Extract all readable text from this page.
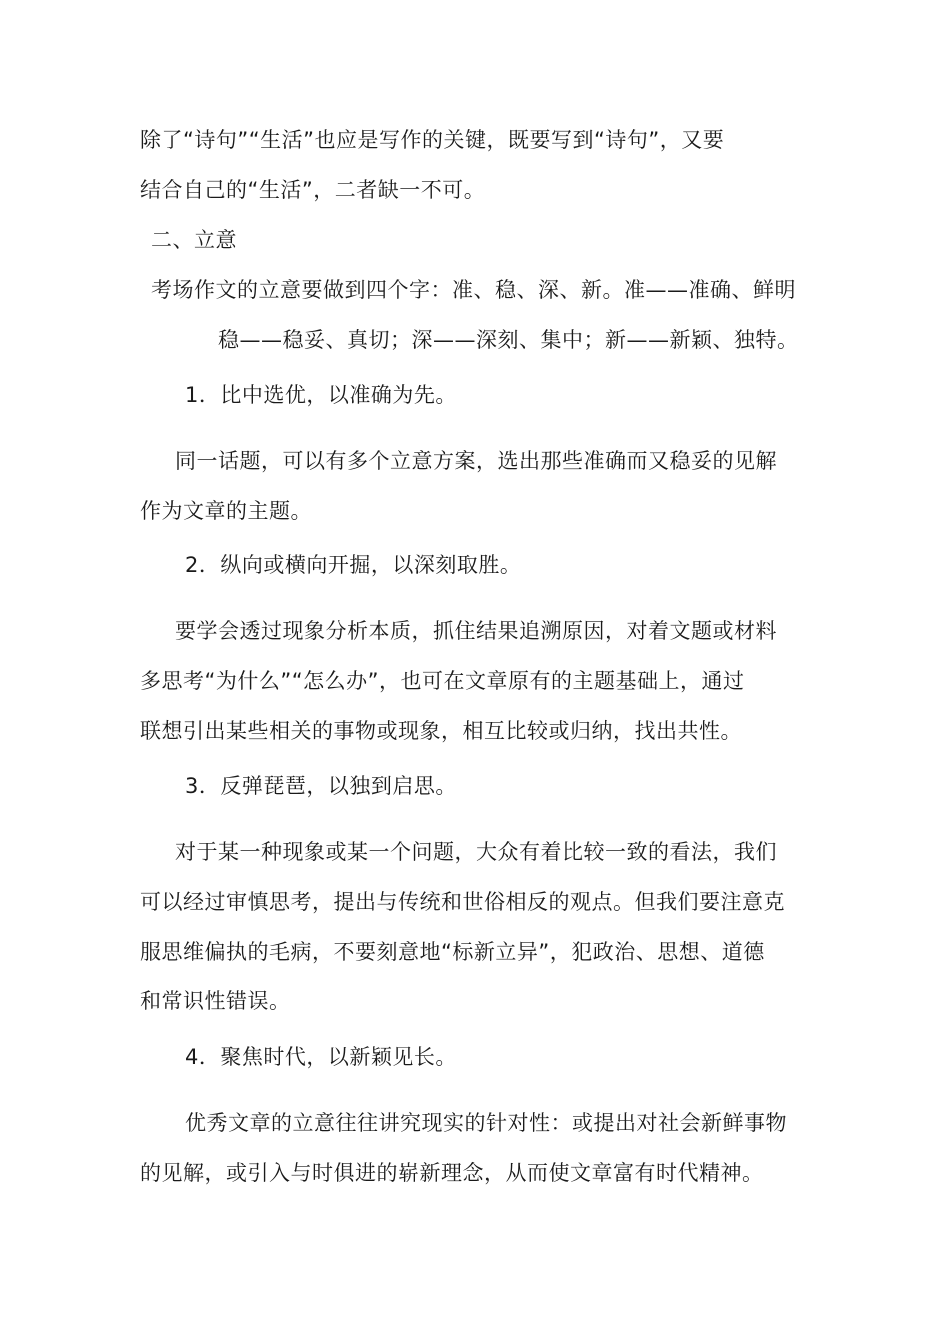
除了“诗句”“生活”也应是写作的关键，既要写到“诗句”，又要
结合自己的“生活”，二者缺一不可。
二、立意
考场作文的立意要做到四个字：准、稳、深、新。准——准确、鲜明
稳——稳妥、真切；深——深刻、集中；新——新颖、独特。
1．比中选优，以准确为先。
同一话题，可以有多个立意方案，选出那些准确而又稳妥的见解
作为文章的主题。
2．纵向或横向开掘，以深刻取胜。
要学会透过现象分析本质，抓住结果追溯原因，对着文题或材料
多思考“为什么”“怎么办”，也可在文章原有的主题基础上，通过
联想引出某些相关的事物或现象，相互比较或归纳，找出共性。
3．反弹琵琶，以独到启思。
对于某一种现象或某一个问题，大众有着比较一致的看法，我们
可以经过审慎思考，提出与传统和世俗相反的观点。但我们要注意克
服思维偏执的毛病，不要刻意地“标新立异”，犯政治、思想、道德
和常识性错误。
4．聚焦时代，以新颖见长。
优秀文章的立意往往讲究现实的针对性：或提出对社会新鲜事物
的见解，或引入与时俱进的崭新理念，从而使文章富有时代精神。
